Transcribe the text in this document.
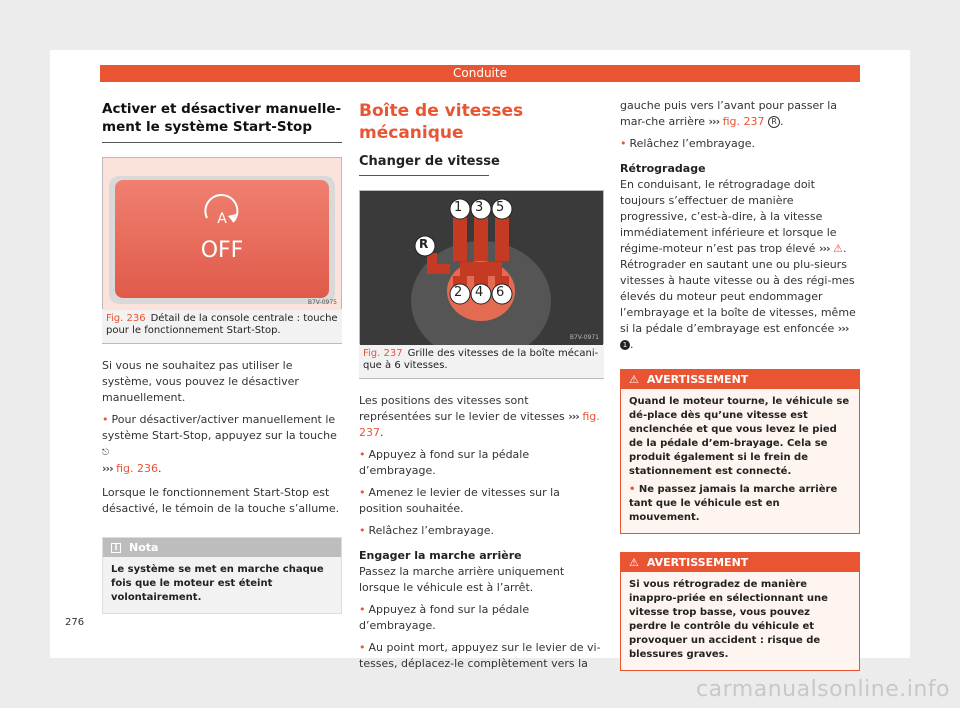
Conduite
Activer et désactiver manuelle-ment le système Start-Stop
A
OFF
B7V-0975
Fig. 236 Détail de la console centrale : touche pour le fonctionnement Start-Stop.
Si vous ne souhaitez pas utiliser le système, vous pouvez le désactiver manuellement.
• Pour désactiver/activer manuellement le système Start-Stop, appuyez sur la touche ⎋
››› fig. 236.
Lorsque le fonctionnement Start-Stop est désactivé, le témoin de la touche s’allume.
i	Nota
Le système se met en marche chaque fois que le moteur est éteint volontairement.
Boîte de vitesses mécanique
Changer de vitesse
1 3 5
2 4 6
R
B7V-0971
Fig. 237 Grille des vitesses de la boîte mécani-que à 6 vitesses.
Les positions des vitesses sont représentées sur le levier de vitesses ››› fig. 237.
• Appuyez à fond sur la pédale d’embrayage.
• Amenez le levier de vitesses sur la position souhaitée.
• Relâchez l’embrayage.
Engager la marche arrière
Passez la marche arrière uniquement lorsque le véhicule est à l’arrêt.
• Appuyez à fond sur la pédale d’embrayage.
• Au point mort, appuyez sur le levier de vi-tesses, déplacez-le complètement vers la
gauche puis vers l’avant pour passer la mar-che arrière ››› fig. 237 R .
• Relâchez l’embrayage.
Rétrogradage
En conduisant, le rétrogradage doit toujours s’effectuer de manière progressive, c’est-à-dire, à la vitesse immédiatement inférieure et lorsque le régime-moteur n’est pas trop élevé ››› ⚠. Rétrograder en sautant une ou plu-sieurs vitesses à haute vitesse ou à des régi-mes élevés du moteur peut endommager l’embrayage et la boîte de vitesses, même si la pédale d’embrayage est enfoncée ››› 1 .
⚠ AVERTISSEMENT
Quand le moteur tourne, le véhicule se dé-place dès qu’une vitesse est enclenchée et que vous levez le pied de la pédale d’em-brayage. Cela se produit également si le frein de stationnement est connecté.
• Ne passez jamais la marche arrière tant que le véhicule est en mouvement.
⚠ AVERTISSEMENT
Si vous rétrogradez de manière inappro-priée en sélectionnant une vitesse trop basse, vous pouvez perdre le contrôle du véhicule et provoquer un accident : risque de blessures graves.
276
carmanualsonline.info
